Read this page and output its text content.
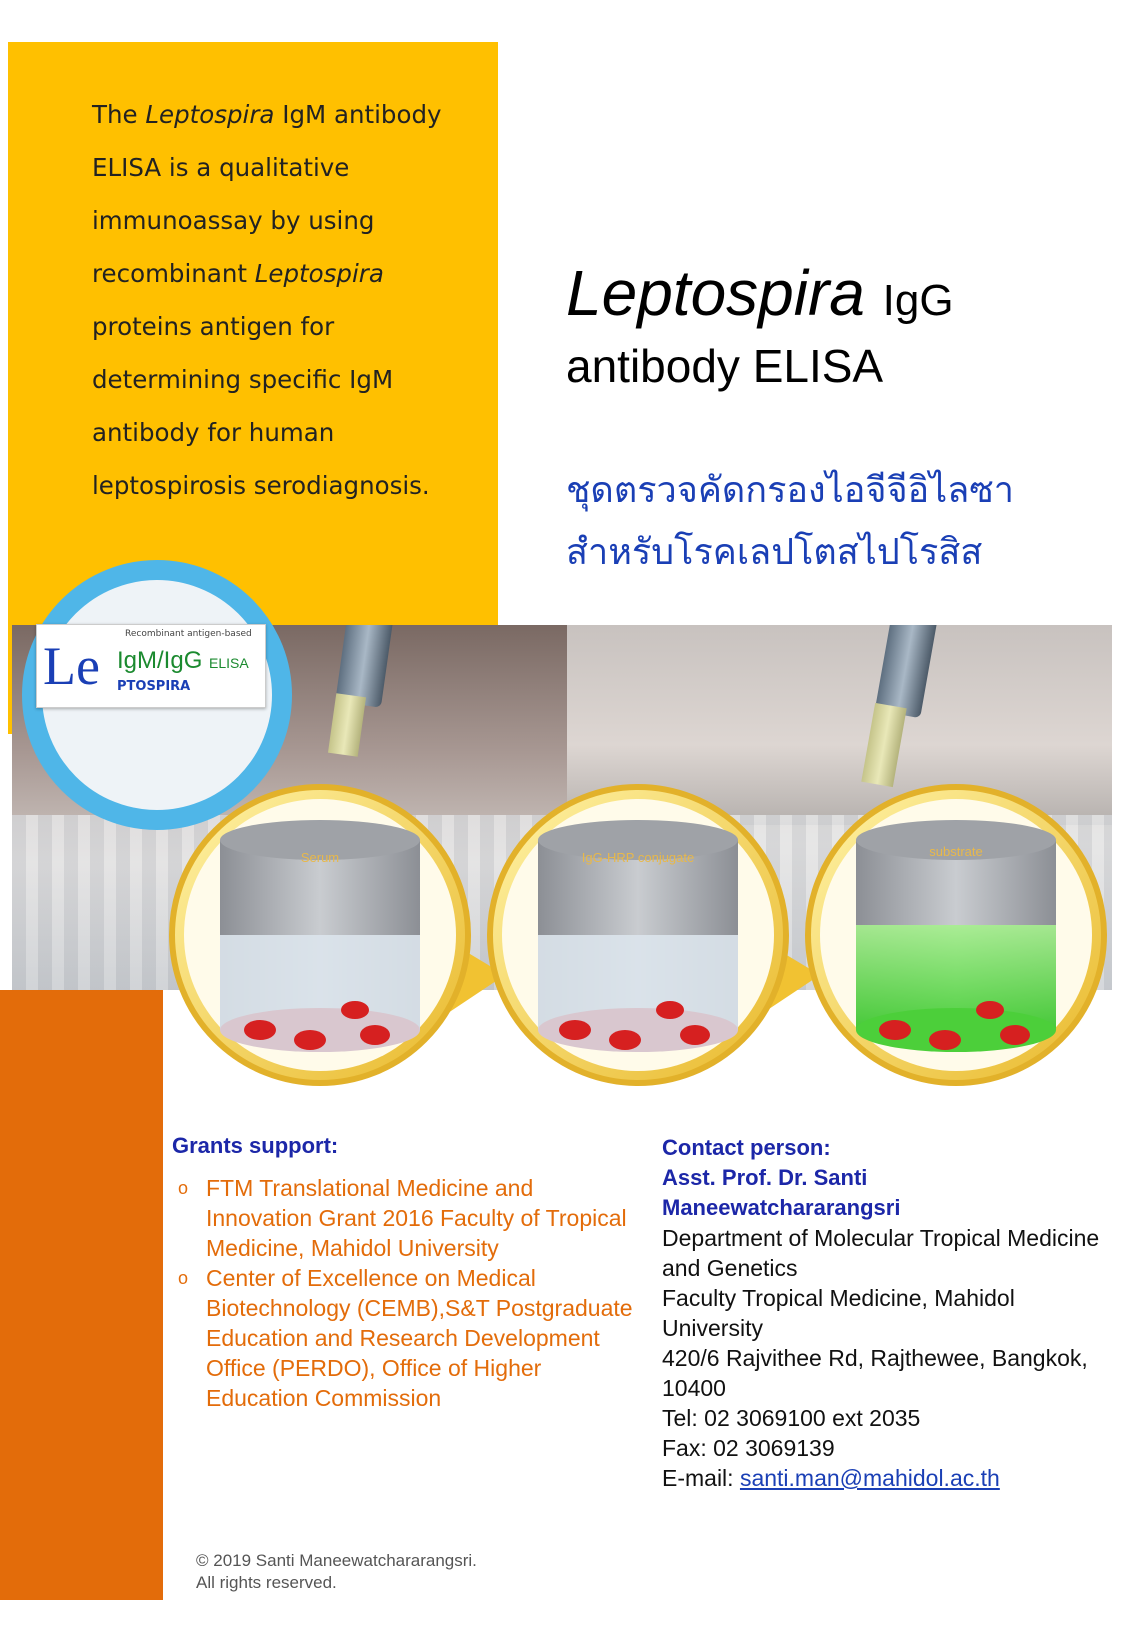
The Leptospira IgM antibody ELISA is a qualitative immunoassay by using recombinant Leptospira proteins antigen for determining specific IgM antibody for human leptospirosis serodiagnosis.
Leptospira IgG
antibody ELISA
ชุดตรวจคัดกรองไอจีจีอิไลซา
สำหรับโรคเลปโตสไปโรสิส
Serum	IgG-HRP conjugate	substrate
Le
Recombinant antigen-based
IgM/IgG ELISA
PTOSPIRA
Grants support:
o FTM Translational Medicine and Innovation Grant 2016 Faculty of Tropical Medicine, Mahidol University
o Center of Excellence on Medical Biotechnology (CEMB),S&T Postgraduate Education and Research Development Office (PERDO), Office of Higher Education Commission
Contact person:
Asst. Prof. Dr. Santi Maneewatchararangsri
Department of Molecular Tropical Medicine and Genetics
Faculty Tropical Medicine, Mahidol University
420/6 Rajvithee Rd, Rajthewee, Bangkok, 10400
Tel: 02 3069100 ext 2035
Fax: 02 3069139
E-mail: santi.man@mahidol.ac.th
© 2019 Santi Maneewatchararangsri.
All rights reserved.
